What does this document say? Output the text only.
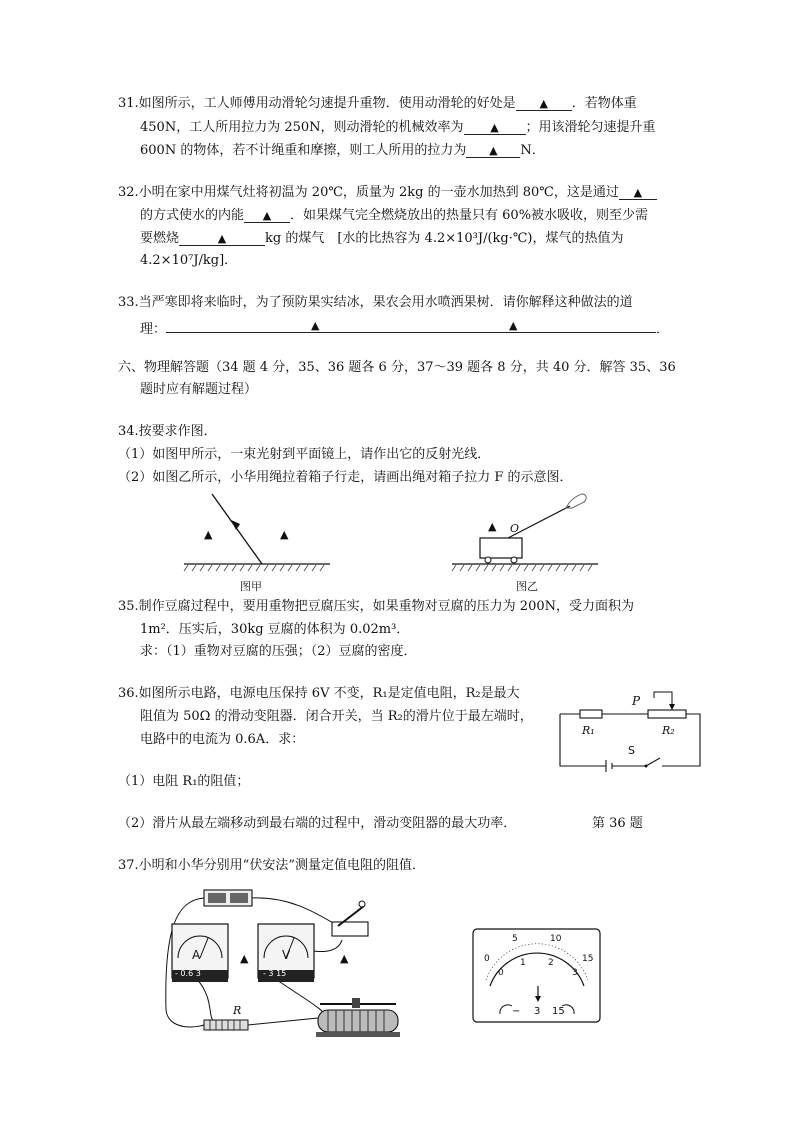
31.如图所示，工人师傅用动滑轮匀速提升重物．使用动滑轮的好处是 ▲ ．若物体重
450N，工人所用拉力为 250N，则动滑轮的机械效率为 ▲ ；用该滑轮匀速提升重
600N 的物体，若不计绳重和摩擦，则工人所用的拉力为 ▲ N．
32.小明在家中用煤气灶将初温为 20℃，质量为 2kg 的一壶水加热到 80℃，这是通过 ▲
的方式使水的内能 ▲ ．如果煤气完全燃烧放出的热量只有 60%被水吸收，则至少需
要燃烧	▲	kg 的煤气　[水的比热容为 4.2×10³J/(kg·℃)，煤气的热值为
4.2×10⁷J/kg]．
33.当严寒即将来临时，为了预防果实结冰，果农会用水喷洒果树．请你解释这种做法的道
理：	▲	▲	．
六、物理解答题（34 题 4 分，35、36 题各 6 分，37～39 题各 8 分，共 40 分．解答 35、36
题时应有解题过程）
34.按要求作图．
（1）如图甲所示，一束光射到平面镜上，请作出它的反射光线．
（2）如图乙所示，小华用绳拉着箱子行走，请画出绳对箱子拉力 F 的示意图．
▲	▲
图甲
▲ O
图乙
35.制作豆腐过程中，要用重物把豆腐压实，如果重物对豆腐的压力为 200N，受力面积为
1m²．压实后，30kg 豆腐的体积为 0.02m³．
求：（1）重物对豆腐的压强；（2）豆腐的密度．
36.如图所示电路，电源电压保持 6V 不变，R₁是定值电阻，R₂是最大
阻值为 50Ω 的滑动变阻器．闭合开关，当 R₂的滑片位于最左端时，
电路中的电流为 0.6A．求：
（1）电阻 R₁的阻值；
（2）滑片从最左端移动到最右端的过程中，滑动变阻器的最大功率．	第 36 题
P
R₁	R₂
S
37.小明和小华分别用“伏安法”测量定值电阻的阻值．
A	V
- 0.6 3	- 3 15
R
▲	▲	0
5	10
15
0
1 2
3
− 3 15
